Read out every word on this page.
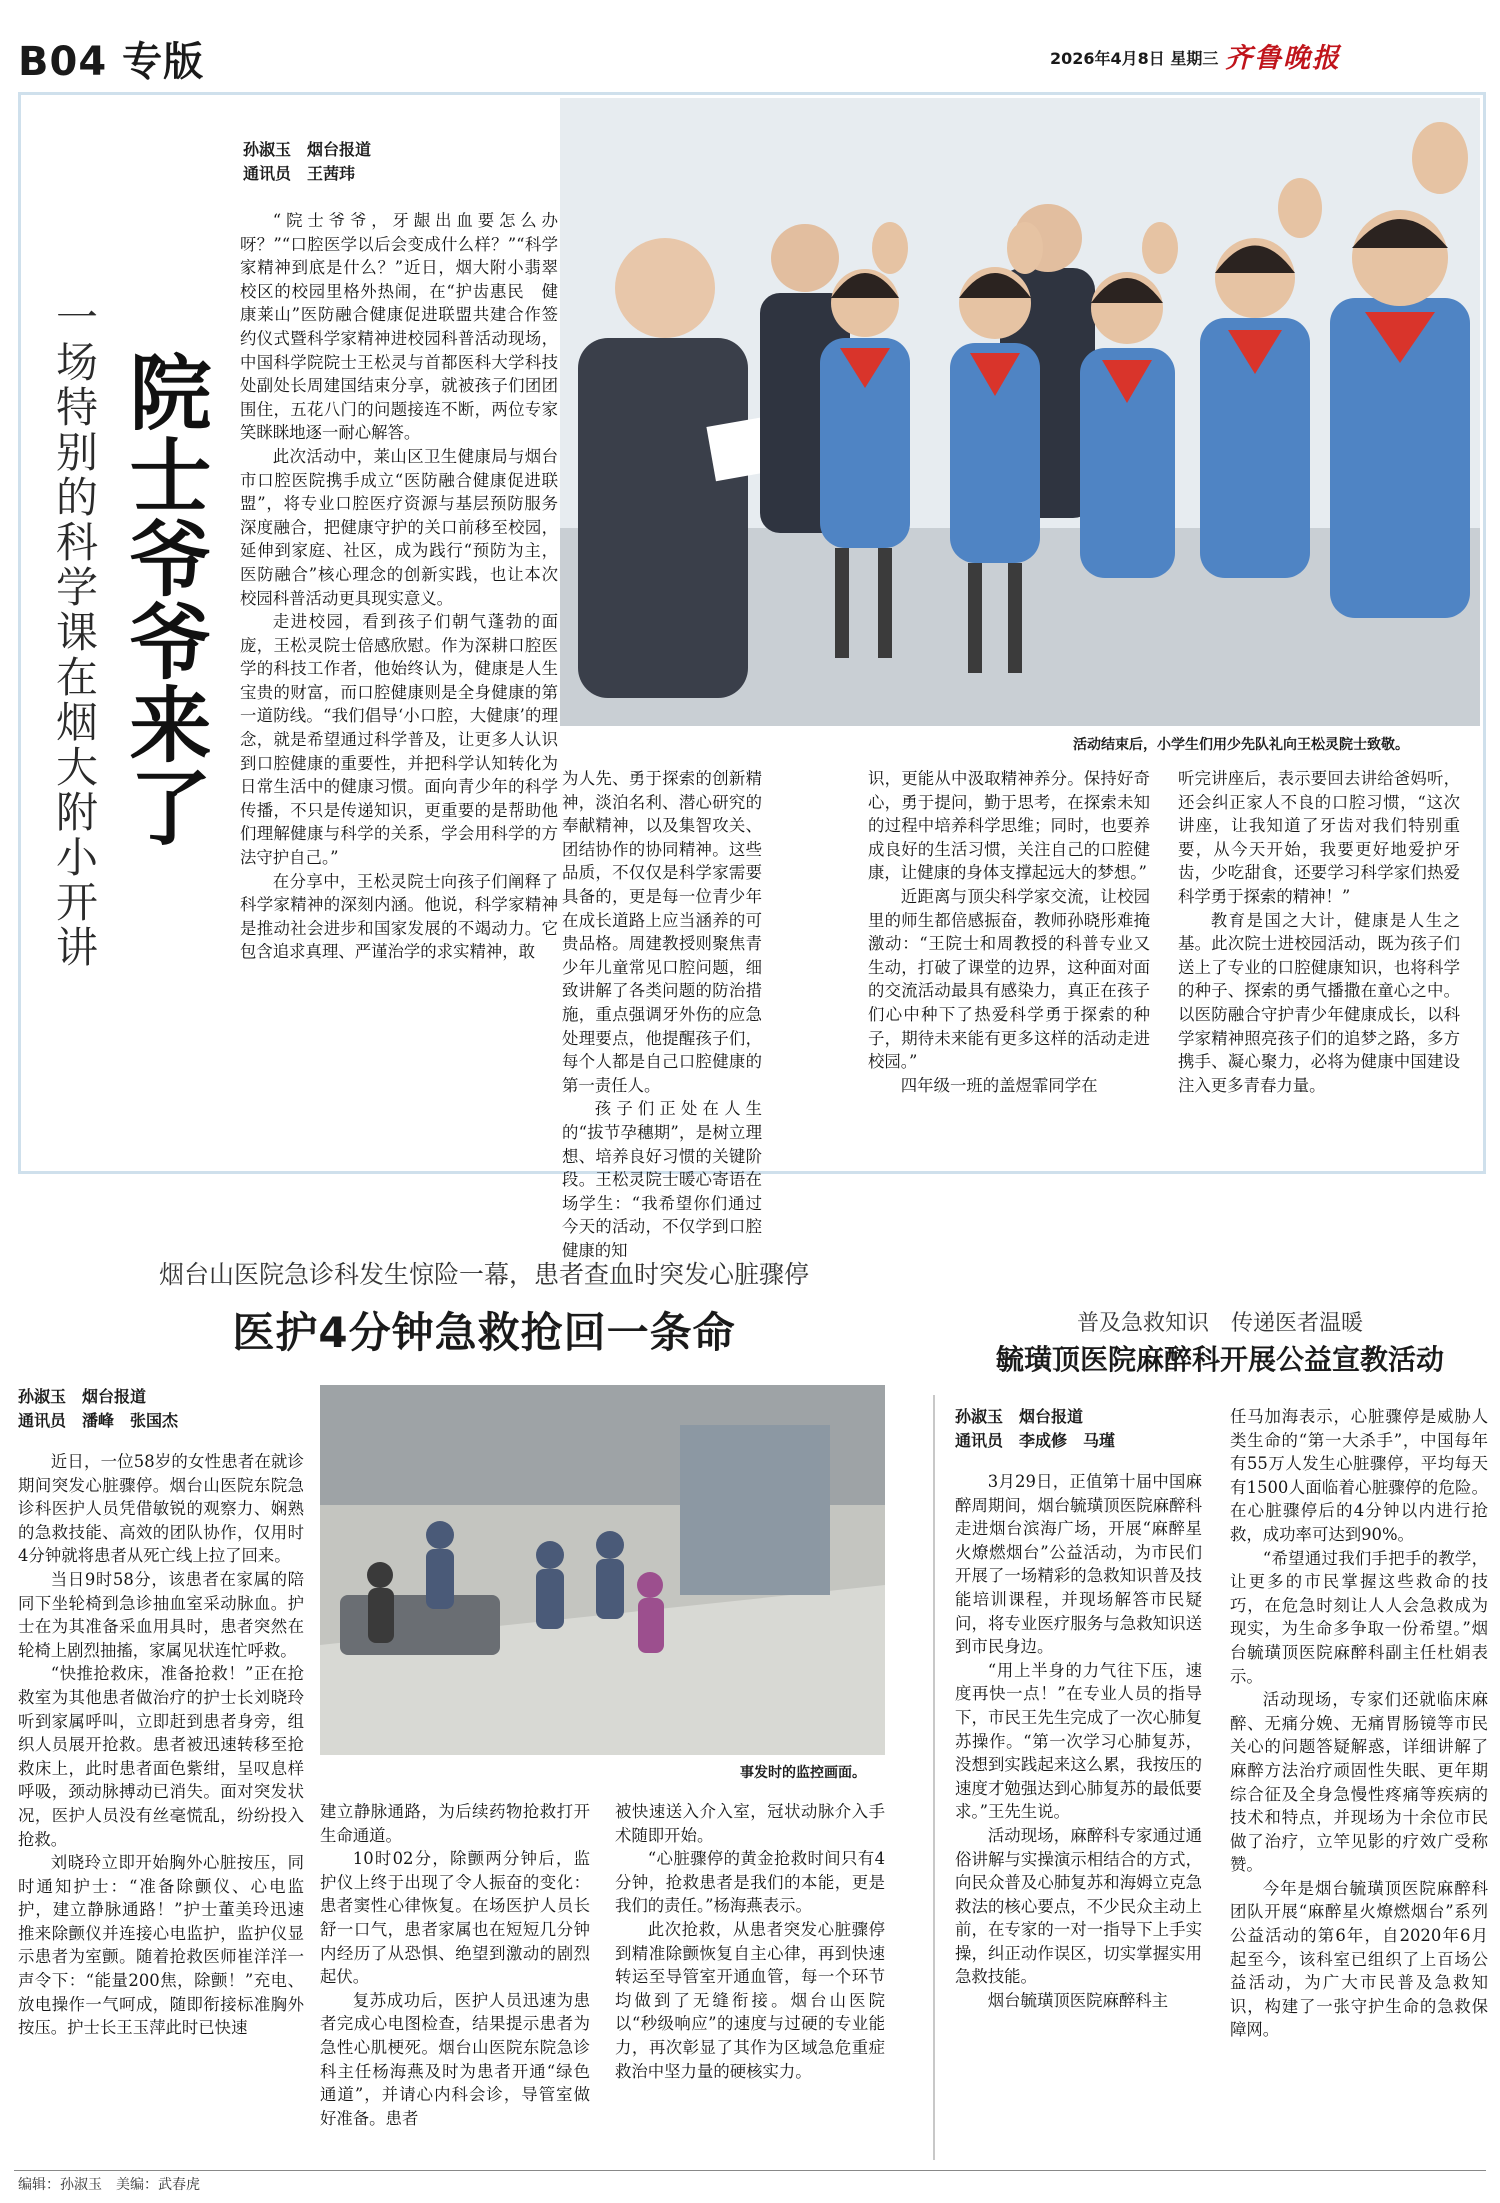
B04 专版	2026年4月8日 星期三 齐鲁晚报
一场特别的科学课在烟大附小开讲 院士爷爷来了
孙淑玉　烟台报道
通讯员　王茜玮

“院士爷爷，牙龈出血要怎么办呀？”“口腔医学以后会变成什么样？”“科学家精神到底是什么？”近日，烟大附小翡翠校区的校园里格外热闹，在“护齿惠民　健康莱山”医防融合健康促进联盟共建合作签约仪式暨科学家精神进校园科普活动现场，中国科学院院士王松灵与首都医科大学科技处副处长周建国结束分享，就被孩子们团团围住，五花八门的问题接连不断，两位专家笑眯眯地逐一耐心解答。

此次活动中，莱山区卫生健康局与烟台市口腔医院携手成立“医防融合健康促进联盟”，将专业口腔医疗资源与基层预防服务深度融合，把健康守护的关口前移至校园，延伸到家庭、社区，成为践行“预防为主，医防融合”核心理念的创新实践，也让本次校园科普活动更具现实意义。

走进校园，看到孩子们朝气蓬勃的面庞，王松灵院士倍感欣慰。作为深耕口腔医学的科技工作者，他始终认为，健康是人生宝贵的财富，而口腔健康则是全身健康的第一道防线。“我们倡导‘小口腔，大健康’的理念，就是希望通过科学普及，让更多人认识到口腔健康的重要性，并把科学认知转化为日常生活中的健康习惯。面向青少年的科学传播，不只是传递知识，更重要的是帮助他们理解健康与科学的关系，学会用科学的方法守护自己。”

在分享中，王松灵院士向孩子们阐释了科学家精神的深刻内涵。他说，科学家精神是推动社会进步和国家发展的不竭动力。它包含追求真理、严谨治学的求实精神，敢

活动结束后，小学生们用少先队礼向王松灵院士致敬。

为人先、勇于探索的创新精神，淡泊名利、潜心研究的奉献精神，以及集智攻关、团结协作的协同精神。这些品质，不仅仅是科学家需要具备的，更是每一位青少年在成长道路上应当涵养的可贵品格。周建教授则聚焦青少年儿童常见口腔问题，细致讲解了各类问题的防治措施，重点强调牙外伤的应急处理要点，他提醒孩子们，每个人都是自己口腔健康的第一责任人。

孩子们正处在人生的“拔节孕穗期”，是树立理想、培养良好习惯的关键阶段。王松灵院士暖心寄语在场学生：“我希望你们通过今天的活动，不仅学到口腔健康的知

识，更能从中汲取精神养分。保持好奇心，勇于提问，勤于思考，在探索未知的过程中培养科学思维；同时，也要养成良好的生活习惯，关注自己的口腔健康，让健康的身体支撑起远大的梦想。”

近距离与顶尖科学家交流，让校园里的师生都倍感振奋，教师孙晓彤难掩激动：“王院士和周教授的科普专业又生动，打破了课堂的边界，这种面对面的交流活动最具有感染力，真正在孩子们心中种下了热爱科学勇于探索的种子，期待未来能有更多这样的活动走进校园。”

四年级一班的盖煜霏同学在

听完讲座后，表示要回去讲给爸妈听，还会纠正家人不良的口腔习惯，“这次讲座，让我知道了牙齿对我们特别重要，从今天开始，我要更好地爱护牙齿，少吃甜食，还要学习科学家们热爱科学勇于探索的精神！”

教育是国之大计，健康是人生之基。此次院士进校园活动，既为孩子们送上了专业的口腔健康知识，也将科学的种子、探索的勇气播撒在童心之中。以医防融合守护青少年健康成长，以科学家精神照亮孩子们的追梦之路，多方携手、凝心聚力，必将为健康中国建设注入更多青春力量。

烟台山医院急诊科发生惊险一幕，患者查血时突发心脏骤停
医护4分钟急救抢回一条命
孙淑玉　烟台报道
通讯员　潘峰　张国杰

近日，一位58岁的女性患者在就诊期间突发心脏骤停。烟台山医院东院急诊科医护人员凭借敏锐的观察力、娴熟的急救技能、高效的团队协作，仅用时4分钟就将患者从死亡线上拉了回来。

当日9时58分，该患者在家属的陪同下坐轮椅到急诊抽血室采动脉血。护士在为其准备采血用具时，患者突然在轮椅上剧烈抽搐，家属见状连忙呼救。

“快推抢救床，准备抢救！”正在抢救室为其他患者做治疗的护士长刘晓玲听到家属呼叫，立即赶到患者身旁，组织人员展开抢救。患者被迅速转移至抢救床上，此时患者面色紫绀，呈叹息样呼吸，颈动脉搏动已消失。面对突发状况，医护人员没有丝毫慌乱，纷纷投入抢救。

刘晓玲立即开始胸外心脏按压，同时通知护士：“准备除颤仪、心电监护，建立静脉通路！”护士董美玲迅速推来除颤仪并连接心电监护，监护仪显示患者为室颤。随着抢救医师崔洋洋一声令下：“能量200焦，除颤！”充电、放电操作一气呵成，随即衔接标准胸外按压。护士长王玉萍此时已快速

事发时的监控画面。

建立静脉通路，为后续药物抢救打开生命通道。

10时02分，除颤两分钟后，监护仪上终于出现了令人振奋的变化：患者窦性心律恢复。在场医护人员长舒一口气，患者家属也在短短几分钟内经历了从恐惧、绝望到激动的剧烈起伏。

复苏成功后，医护人员迅速为患者完成心电图检查，结果提示患者为急性心肌梗死。烟台山医院东院急诊科主任杨海燕及时为患者开通“绿色通道”，并请心内科会诊，导管室做好准备。患者

被快速送入介入室，冠状动脉介入手术随即开始。

“心脏骤停的黄金抢救时间只有4分钟，抢救患者是我们的本能，更是我们的责任。”杨海燕表示。

此次抢救，从患者突发心脏骤停到精准除颤恢复自主心律，再到快速转运至导管室开通血管，每一个环节均做到了无缝衔接。烟台山医院以“秒级响应”的速度与过硬的专业能力，再次彰显了其作为区域急危重症救治中坚力量的硬核实力。

普及急救知识　传递医者温暖
毓璜顶医院麻醉科开展公益宣教活动
孙淑玉　烟台报道
通讯员　李成修　马瑾

3月29日，正值第十届中国麻醉周期间，烟台毓璜顶医院麻醉科走进烟台滨海广场，开展“麻醉星火燎燃烟台”公益活动，为市民们开展了一场精彩的急救知识普及技能培训课程，并现场解答市民疑问，将专业医疗服务与急救知识送到市民身边。

“用上半身的力气往下压，速度再快一点！”在专业人员的指导下，市民王先生完成了一次心肺复苏操作。“第一次学习心肺复苏，没想到实践起来这么累，我按压的速度才勉强达到心肺复苏的最低要求。”王先生说。

活动现场，麻醉科专家通过通俗讲解与实操演示相结合的方式，向民众普及心肺复苏和海姆立克急救法的核心要点，不少民众主动上前，在专家的一对一指导下上手实操，纠正动作误区，切实掌握实用急救技能。

烟台毓璜顶医院麻醉科主

任马加海表示，心脏骤停是威胁人类生命的“第一大杀手”，中国每年有55万人发生心脏骤停，平均每天有1500人面临着心脏骤停的危险。在心脏骤停后的4分钟以内进行抢救，成功率可达到90%。

“希望通过我们手把手的教学，让更多的市民掌握这些救命的技巧，在危急时刻让人人会急救成为现实，为生命多争取一份希望。”烟台毓璜顶医院麻醉科副主任杜娟表示。

活动现场，专家们还就临床麻醉、无痛分娩、无痛胃肠镜等市民关心的问题答疑解惑，详细讲解了麻醉方法治疗顽固性失眠、更年期综合征及全身急慢性疼痛等疾病的技术和特点，并现场为十余位市民做了治疗，立竿见影的疗效广受称赞。

今年是烟台毓璜顶医院麻醉科团队开展“麻醉星火燎燃烟台”系列公益活动的第6年，自2020年6月起至今，该科室已组织了上百场公益活动，为广大市民普及急救知识，构建了一张守护生命的急救保障网。

编辑：孙淑玉　美编：武春虎
